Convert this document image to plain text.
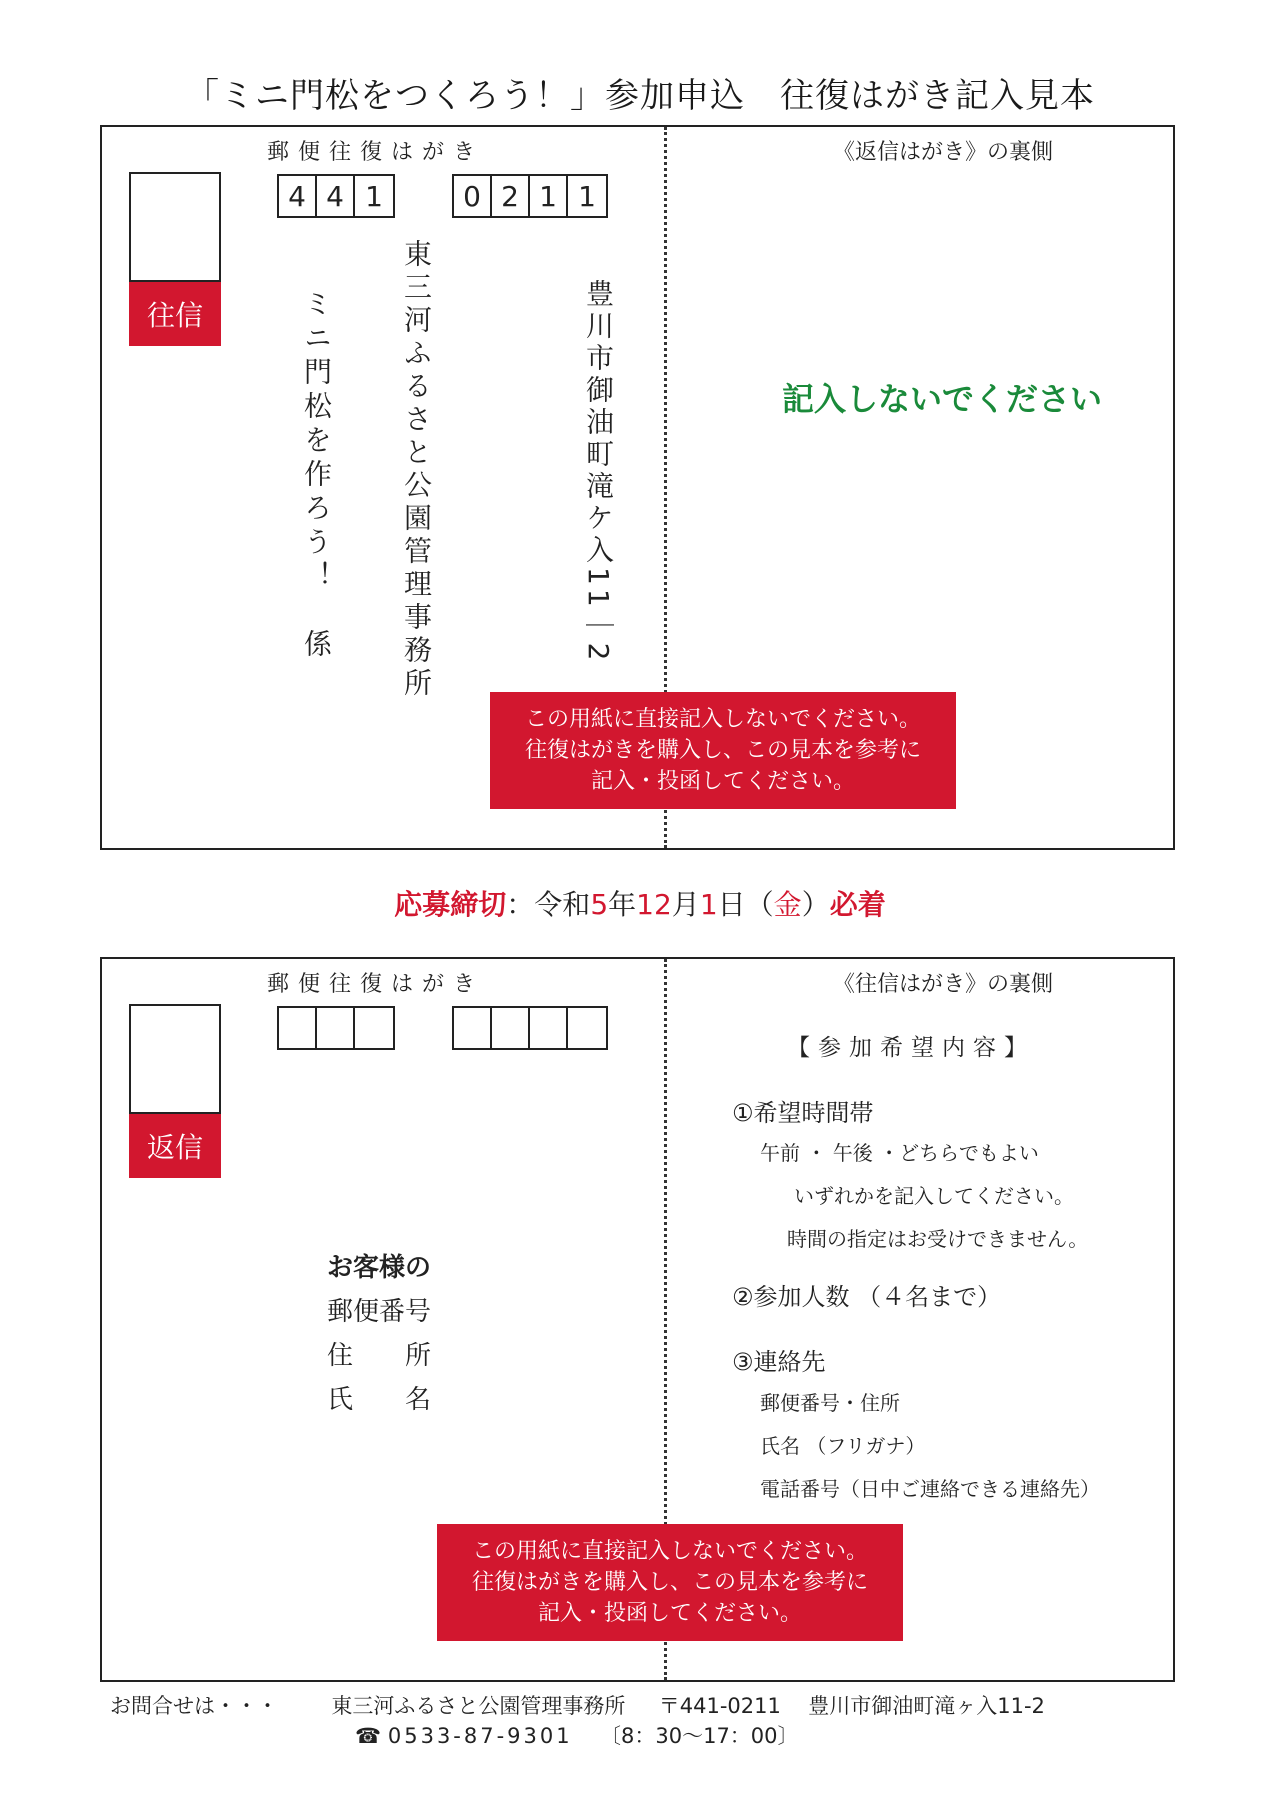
「ミニ門松をつくろう！」参加申込　往復はがき記入見本
郵便往復はがき
4 4 1	0 2 1 1
往信	豊川市御油町滝ケ入11｜2
東三河ふるさと公園管理事務所
ミニ門松を作ろう！　係
《返信はがき》の裏側
記入しないでください
この用紙に直接記入しないでください。
往復はがきを購入し、この見本を参考に
記入・投函してください。
応募締切：令和5年12月1日（金）必着
郵便往復はがき
返信
お客様の
郵便番号
住　　所
氏　　名
《往信はがき》の裏側
【参加希望内容】
①希望時間帯
午前 ・ 午後 ・どちらでもよい
いずれかを記入してください。
時間の指定はお受けできません。
②参加人数 （４名まで）
③連絡先
郵便番号・住所
氏名 （フリガナ）
電話番号（日中ご連絡できる連絡先）
この用紙に直接記入しないでください。
往復はがきを購入し、この見本を参考に
記入・投函してください。
お問合せは・・・	東三河ふるさと公園管理事務所 〒441-0211 豊川市御油町滝ヶ入11-2
☎ 0533-87-9301 〔8：30～17：00〕
